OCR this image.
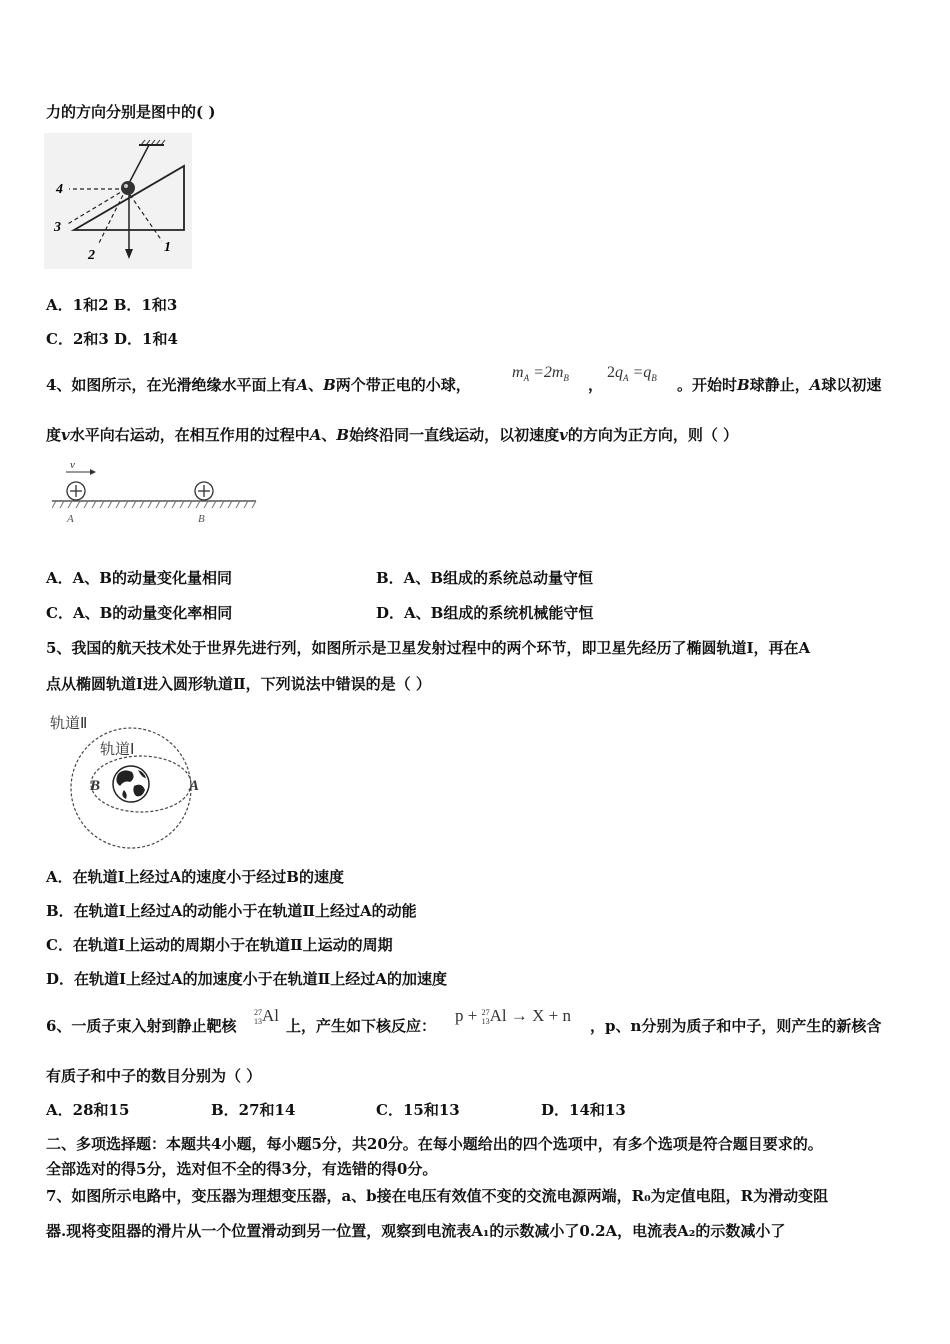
力的方向分别是图中的( )
4
3
2
1
A．1和2 B．1和3
C．2和3 D．1和4
4、如图所示，在光滑绝缘水平面上有A、B两个带正电的小球，
$m_A =2m_B$ ，
$2q_A =q_B$ 。开始时B球静止，A球以初速
度v水平向右运动，在相互作用的过程中A、B始终沿同一直线运动，以初速度v的方向为正方向，则（ ）
v
A	B
A．A、B的动量变化量相同	B．A、B组成的系统总动量守恒
C．A、B的动量变化率相同	D．A、B组成的系统机械能守恒
5、我国的航天技术处于世界先进行列，如图所示是卫星发射过程中的两个环节，即卫星先经历了椭圆轨道Ⅰ，再在A
点从椭圆轨道Ⅰ进入圆形轨道Ⅱ，下列说法中错误的是（ ）
轨道Ⅱ
轨道Ⅰ
B	A
A．在轨道Ⅰ上经过A的速度小于经过B的速度
B．在轨道Ⅰ上经过A的动能小于在轨道Ⅱ上经过A的动能
C．在轨道Ⅰ上运动的周期小于在轨道Ⅱ上运动的周期
D．在轨道Ⅰ上经过A的加速度小于在轨道Ⅱ上经过A的加速度
6、一质子束入射到静止靶核
27
13Al
上，产生如下核反应：
p + 27
13Al → X + n
，p、n分别为质子和中子，则产生的新核含
有质子和中子的数目分别为（ ）
A．28和15	B．27和14	C．15和13	D．14和13
二、多项选择题：本题共4小题，每小题5分，共20分。在每小题给出的四个选项中，有多个选项是符合题目要求的。
全部选对的得5分，选对但不全的得3分，有选错的得0分。
7、如图所示电路中，变压器为理想变压器，a、b接在电压有效值不变的交流电源两端，R₀为定值电阻，R为滑动变阻
器.现将变阻器的滑片从一个位置滑动到另一位置，观察到电流表A₁的示数减小了0.2A，电流表A₂的示数减小了
